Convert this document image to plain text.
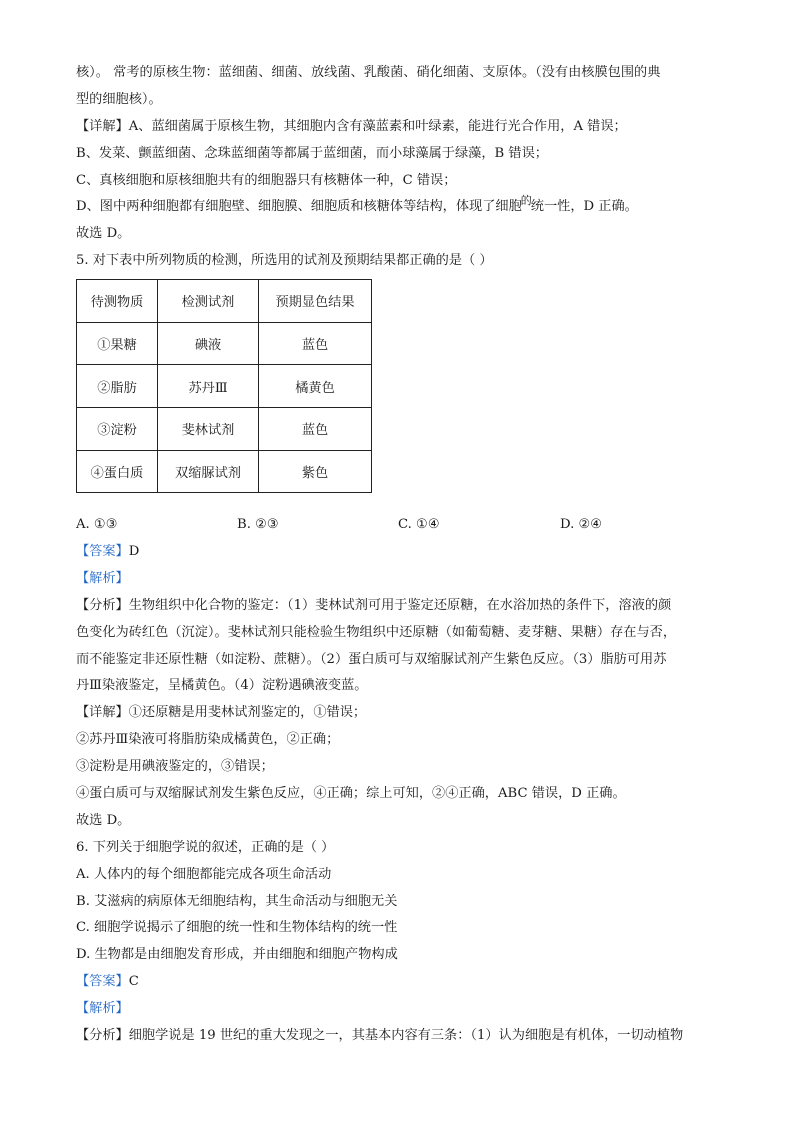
核）。 常考的原核生物：蓝细菌、细菌、放线菌、乳酸菌、硝化细菌、支原体。（没有由核膜包围的典
型的细胞核）。
【详解】A、蓝细菌属于原核生物，其细胞内含有藻蓝素和叶绿素，能进行光合作用，A 错误；
B、发菜、颤蓝细菌、念珠蓝细菌等都属于蓝细菌，而小球藻属于绿藻，B 错误；
C、真核细胞和原核细胞共有的细胞器只有核糖体一种，C 错误；
D、图中两种细胞都有细胞壁、细胞膜、细胞质和核糖体等结构，体现了细胞$^的$统一性，D 正确。
故选 D。
5. 对下表中所列物质的检测，所选用的试剂及预期结果都正确的是（ ）
待测物质	检测试剂	预期显色结果
①果糖	碘液	蓝色
②脂肪	苏丹Ⅲ	橘黄色
③淀粉	斐林试剂	蓝色
④蛋白质	双缩脲试剂	紫色
A. ①③	B. ②③	C. ①④	D. ②④
【答案】D
【解析】
【分析】生物组织中化合物的鉴定：（1）斐林试剂可用于鉴定还原糖，在水浴加热的条件下，溶液的颜
色变化为砖红色（沉淀）。斐林试剂只能检验生物组织中还原糖（如葡萄糖、麦芽糖、果糖）存在与否，
而不能鉴定非还原性糖（如淀粉、蔗糖）。（2）蛋白质可与双缩脲试剂产生紫色反应。（3）脂肪可用苏
丹Ⅲ染液鉴定，呈橘黄色。（4）淀粉遇碘液变蓝。
【详解】①还原糖是用斐林试剂鉴定的，①错误；
②苏丹Ⅲ染液可将脂肪染成橘黄色，②正确；
③淀粉是用碘液鉴定的，③错误；
④蛋白质可与双缩脲试剂发生紫色反应，④正确；综上可知，②④正确，ABC 错误，D 正确。
故选 D。
6. 下列关于细胞学说的叙述，正确的是（ ）
A. 人体内的每个细胞都能完成各项生命活动
B. 艾滋病的病原体无细胞结构，其生命活动与细胞无关
C. 细胞学说揭示了细胞的统一性和生物体结构的统一性
D. 生物都是由细胞发育形成，并由细胞和细胞产物构成
【答案】C
【解析】
【分析】细胞学说是 19 世纪的重大发现之一，其基本内容有三条：（1）认为细胞是有机体，一切动植物
